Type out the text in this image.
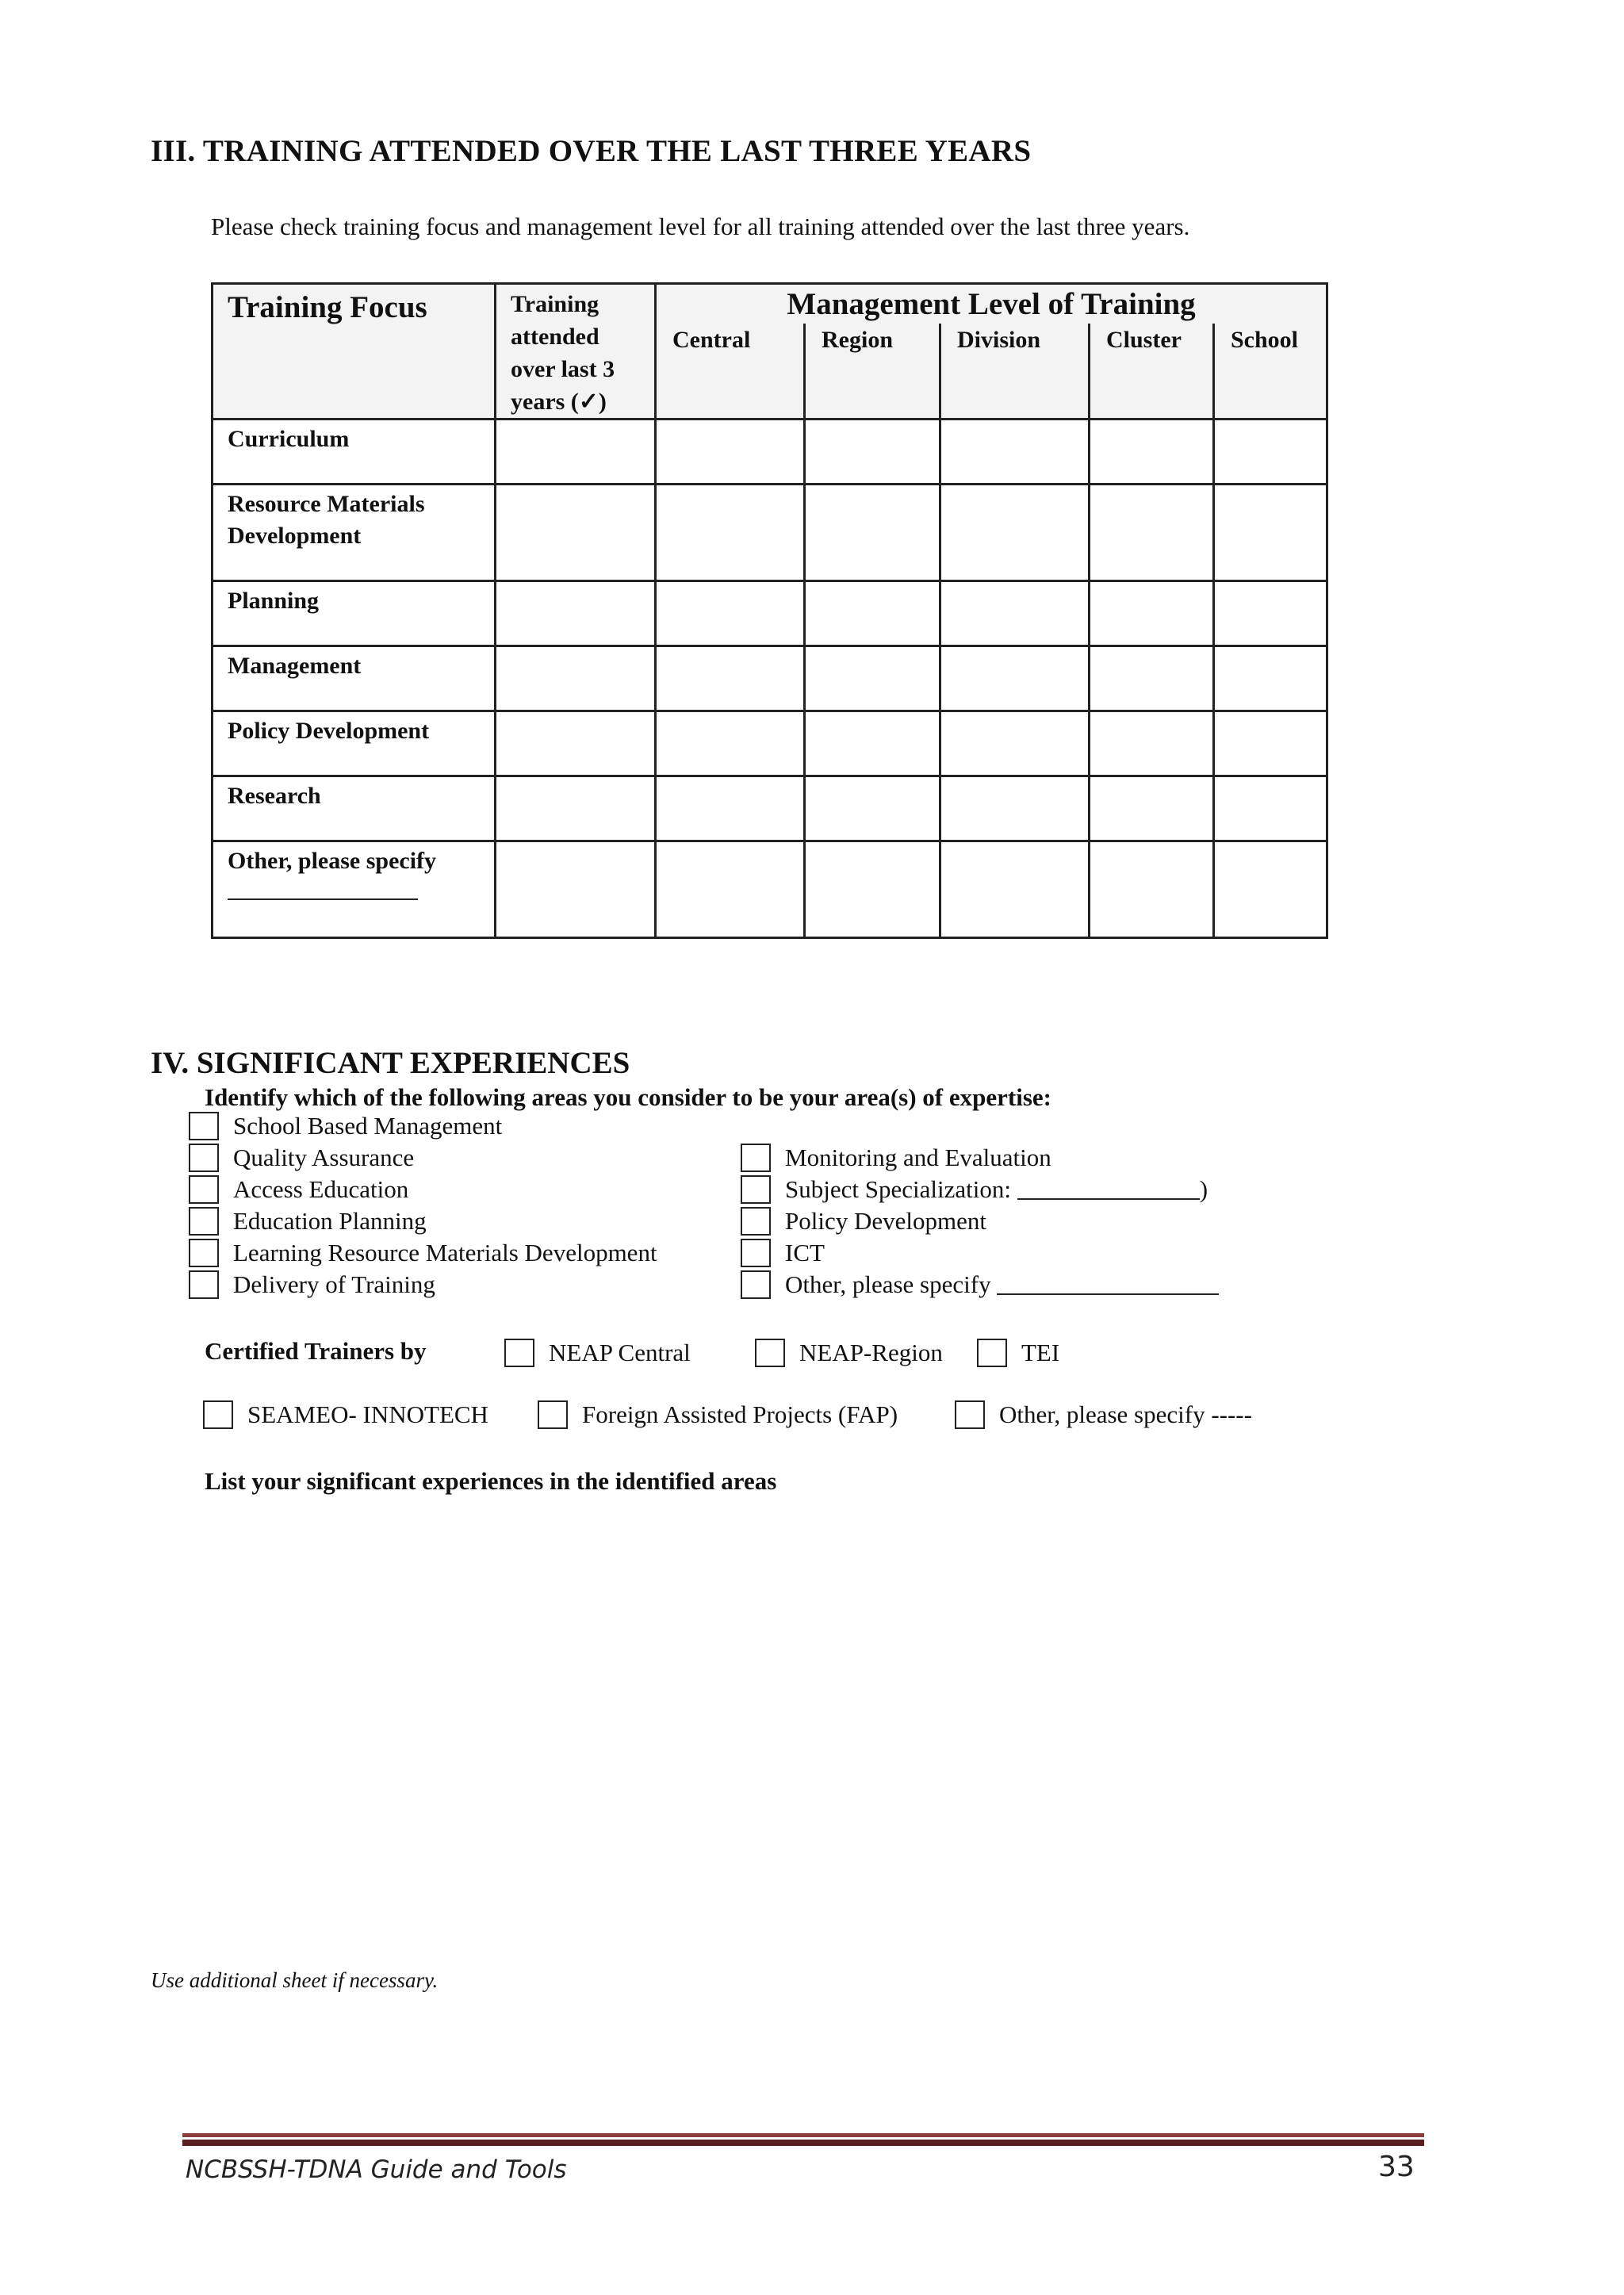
III. TRAINING ATTENDED OVER THE LAST THREE YEARS
Please check training focus and management level for all training attended over the last three years.
Training Focus	Training
attended
over last 3
years (✓)	Management Level of Training				
		Central	Region	Division	Cluster	School
Curriculum						
Resource Materials
Development						
Planning						
Management						
Policy Development						
Research						
Other, please specify

IV. SIGNIFICANT EXPERIENCES
Identify which of the following areas you consider to be your area(s) of expertise:
School Based Management
Quality Assurance
Access Education
Education Planning
Learning Resource Materials Development
Delivery of Training
Monitoring and Evaluation
Subject Specialization:
	)
Policy Development
ICT
Other, please specify

Certified Trainers by	NEAP Central	NEAP-Region	TEI
SEAMEO- INNOTECH	Foreign Assisted Projects (FAP)	Other, please specify -----
List your significant experiences in the identified areas
Use additional sheet if necessary.
NCBSSH-TDNA Guide and Tools	33
